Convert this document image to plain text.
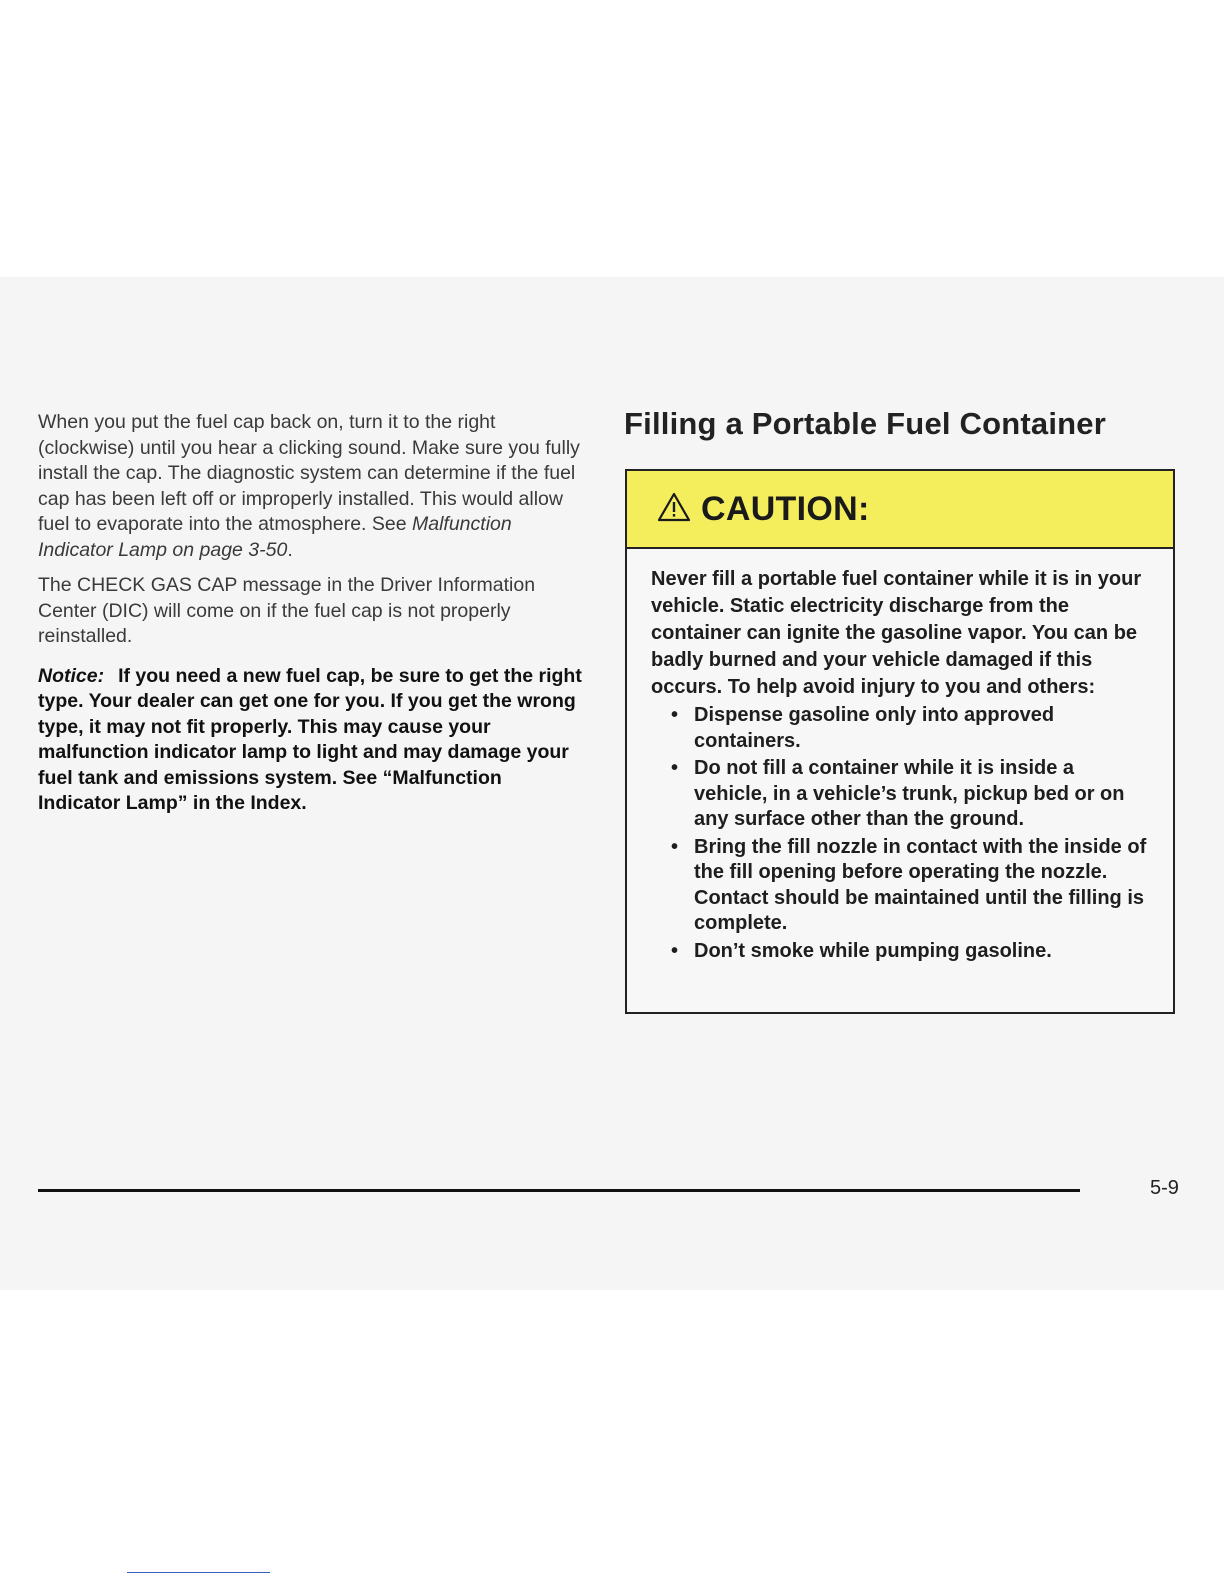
When you put the fuel cap back on, turn it to the right (clockwise) until you hear a clicking sound. Make sure you fully install the cap. The diagnostic system can determine if the fuel cap has been left off or improperly installed. This would allow fuel to evaporate into the atmosphere. See Malfunction Indicator Lamp on page 3-50.

The CHECK GAS CAP message in the Driver Information Center (DIC) will come on if the fuel cap is not properly reinstalled.

Notice: If you need a new fuel cap, be sure to get the right type. Your dealer can get one for you. If you get the wrong type, it may not fit properly. This may cause your malfunction indicator lamp to light and may damage your fuel tank and emissions system. See “Malfunction Indicator Lamp” in the Index.

Filling a Portable Fuel Container
CAUTION:

Never fill a portable fuel container while it is in your vehicle. Static electricity discharge from the container can ignite the gasoline vapor. You can be badly burned and your vehicle damaged if this occurs. To help avoid injury to you and others:

• Dispense gasoline only into approved containers.
• Do not fill a container while it is inside a vehicle, in a vehicle’s trunk, pickup bed or on any surface other than the ground.
• Bring the fill nozzle in contact with the inside of the fill opening before operating the nozzle. Contact should be maintained until the filling is complete.
• Don’t smoke while pumping gasoline.
5-9
